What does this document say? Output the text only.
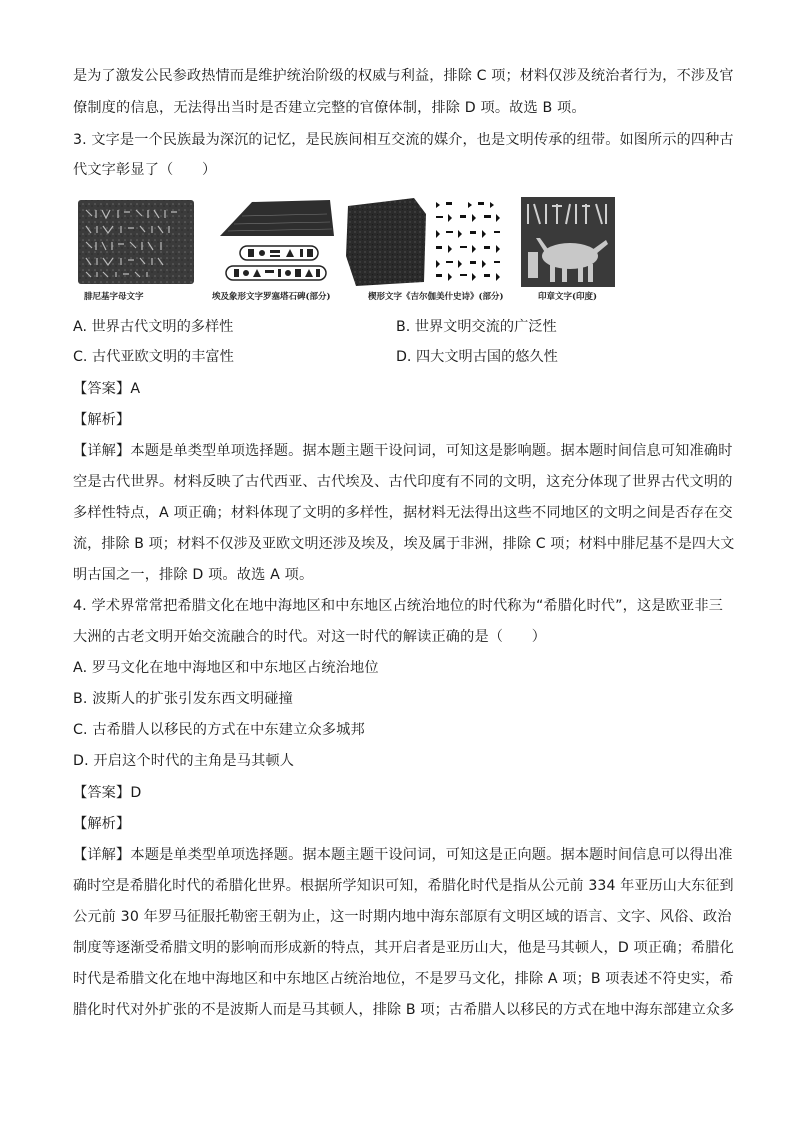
是为了激发公民参政热情而是维护统治阶级的权威与利益，排除 C 项；材料仅涉及统治者行为，不涉及官
僚制度的信息，无法得出当时是否建立完整的官僚体制，排除 D 项。故选 B 项。
3. 文字是一个民族最为深沉的记忆，是民族间相互交流的媒介，也是文明传承的纽带。如图所示的四种古
代文字彰显了（　　）
腓尼基字母文字	埃及象形文字罗塞塔石碑(部分)	楔形文字《吉尔伽美什史诗》(部分)	印章文字(印度)
A. 世界古代文明的多样性	B. 世界文明交流的广泛性
C. 古代亚欧文明的丰富性	D. 四大文明古国的悠久性
【答案】A
【解析】
【详解】本题是单类型单项选择题。据本题主题干设问词，可知这是影响题。据本题时间信息可知准确时
空是古代世界。材料反映了古代西亚、古代埃及、古代印度有不同的文明，这充分体现了世界古代文明的
多样性特点，A 项正确；材料体现了文明的多样性，据材料无法得出这些不同地区的文明之间是否存在交
流，排除 B 项；材料不仅涉及亚欧文明还涉及埃及，埃及属于非洲，排除 C 项；材料中腓尼基不是四大文
明古国之一，排除 D 项。故选 A 项。
4. 学术界常常把希腊文化在地中海地区和中东地区占统治地位的时代称为“希腊化时代”，这是欧亚非三
大洲的古老文明开始交流融合的时代。对这一时代的解读正确的是（　　）
A. 罗马文化在地中海地区和中东地区占统治地位
B. 波斯人的扩张引发东西文明碰撞
C. 古希腊人以移民的方式在中东建立众多城邦
D. 开启这个时代的主角是马其顿人
【答案】D
【解析】
【详解】本题是单类型单项选择题。据本题主题干设问词，可知这是正向题。据本题时间信息可以得出准
确时空是希腊化时代的希腊化世界。根据所学知识可知，希腊化时代是指从公元前 334 年亚历山大东征到
公元前 30 年罗马征服托勒密王朝为止，这一时期内地中海东部原有文明区域的语言、文字、风俗、政治
制度等逐渐受希腊文明的影响而形成新的特点，其开启者是亚历山大，他是马其顿人，D 项正确；希腊化
时代是希腊文化在地中海地区和中东地区占统治地位，不是罗马文化，排除 A 项；B 项表述不符史实，希
腊化时代对外扩张的不是波斯人而是马其顿人，排除 B 项；古希腊人以移民的方式在地中海东部建立众多
